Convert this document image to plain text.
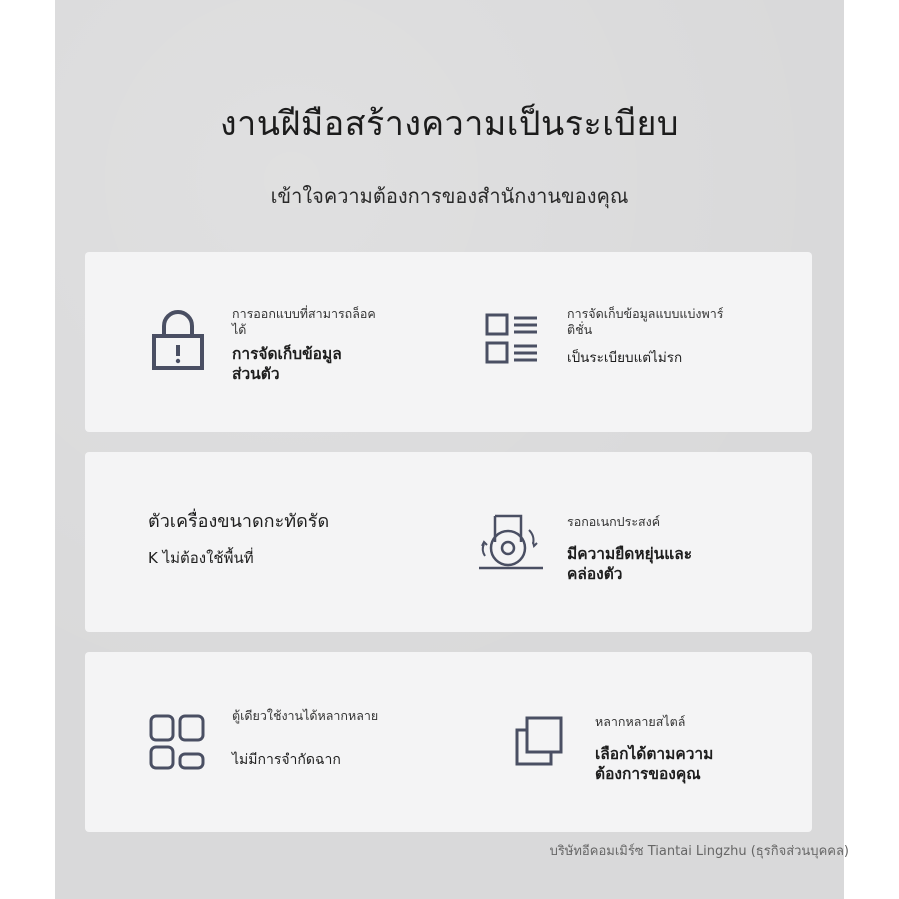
งานฝีมือสร้างความเป็นระเบียบ
เข้าใจความต้องการของสำนักงานของคุณ
การออกแบบที่สามารถล็อคได้
การจัดเก็บข้อมูลส่วนตัว
การจัดเก็บข้อมูลแบบแบ่งพาร์ติชั่น
เป็นระเบียบแต่ไม่รก
ตัวเครื่องขนาดกะทัดรัด
K ไม่ต้องใช้พื้นที่
รอกอเนกประสงค์
มีความยืดหยุ่นและคล่องตัว
ตู้เดียวใช้งานได้หลากหลาย
ไม่มีการจำกัดฉาก
หลากหลายสไตล์
เลือกได้ตามความต้องการของคุณ
บริษัทอีคอมเมิร์ซ Tiantai Lingzhu (ธุรกิจส่วนบุคคล)
